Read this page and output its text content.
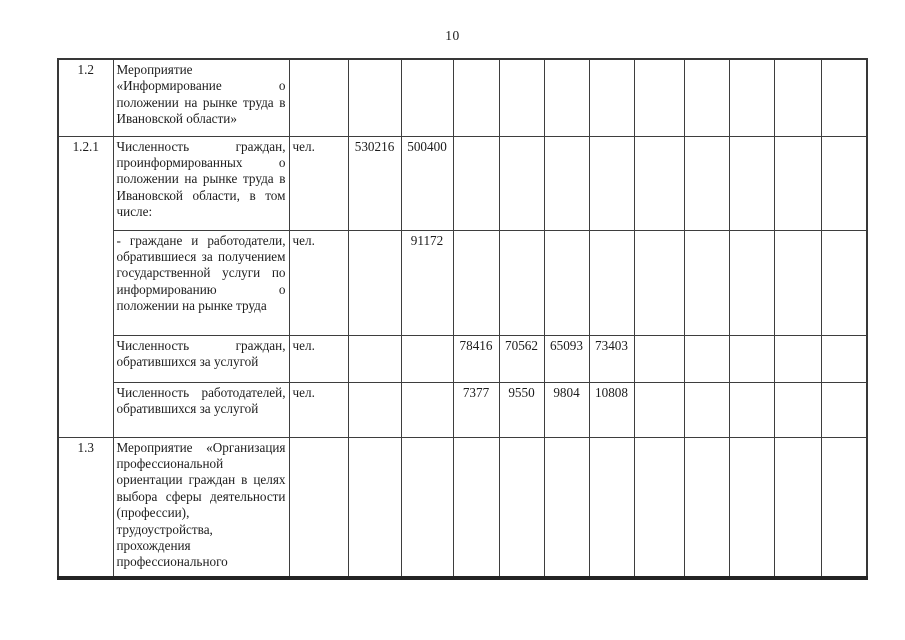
10
1.2	Мероприятие «Информирование о положении на рынке труда в Ивановской области»												
1.2.1	Численность граждан, проинформированных о положении на рынке труда в Ивановской области, в том числе:	чел.	530216	500400									
	- граждане и работодатели, обратившиеся за получением государственной услуги по информированию о положении на рынке труда	чел.		91172									
	Численность граждан, обратившихся за услугой	чел.			78416	70562	65093	73403					
	Численность работодателей, обратившихся за услугой	чел.			7377	9550	9804	10808					
1.3	Мероприятие «Организация профессиональной ориентации граждан в целях выбора сферы деятельности (профессии), трудоустройства, прохождения профессионального												
